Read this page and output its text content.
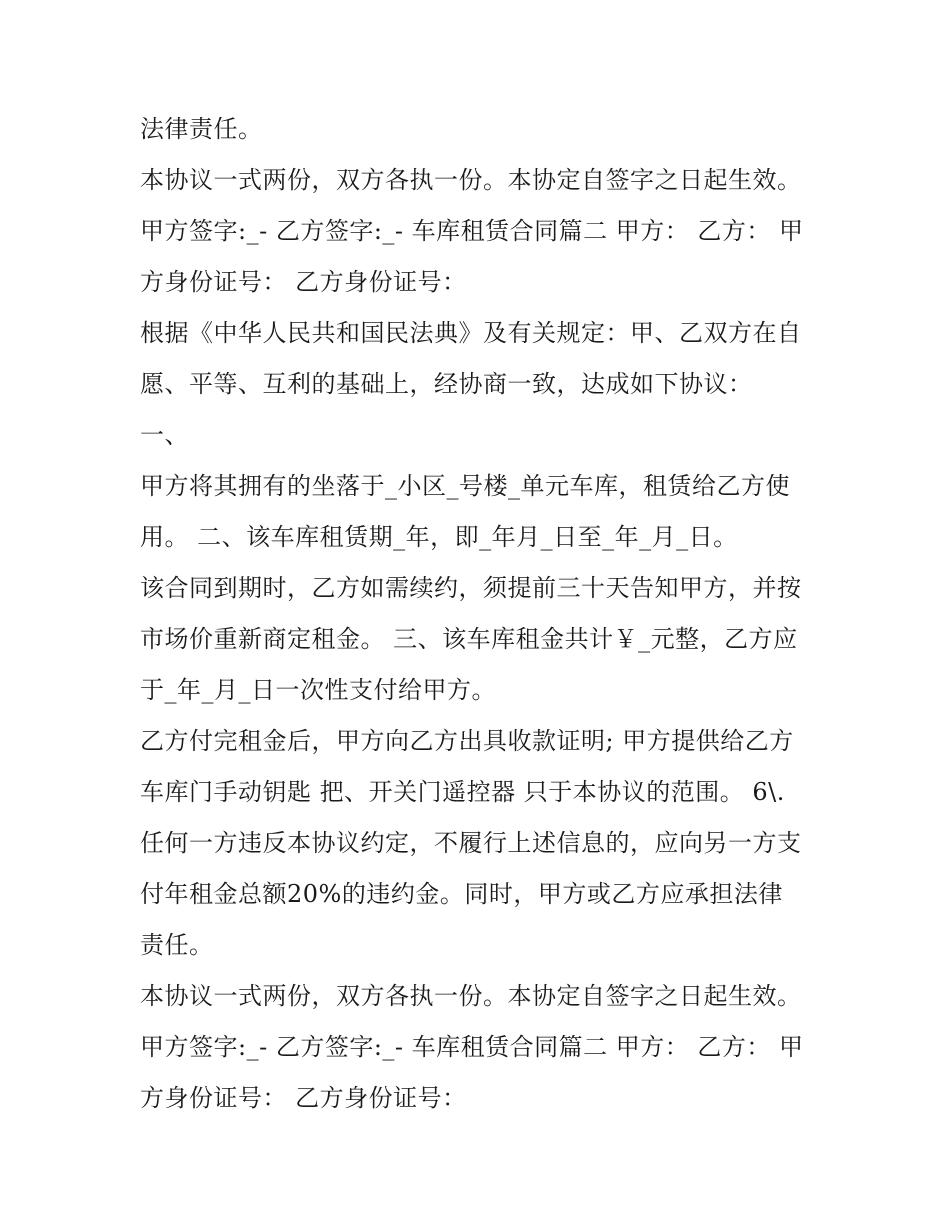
法律责任。
本协议一式两份，双方各执一份。本协定自签字之日起生效。
甲方签字:_- 乙方签字:_- 车库租赁合同篇二 甲方： 乙方： 甲
方身份证号： 乙方身份证号：
根据《中华人民共和国民法典》及有关规定：甲、乙双方在自
愿、平等、互利的基础上，经协商一致，达成如下协议：
一、
甲方将其拥有的坐落于_小区_号楼_单元车库，租赁给乙方使
用。 二、该车库租赁期_年，即_年月_日至_年_月_日。
该合同到期时，乙方如需续约，须提前三十天告知甲方，并按
市场价重新商定租金。 三、该车库租金共计￥_元整，乙方应
于_年_月_日一次性支付给甲方。
乙方付完租金后，甲方向乙方出具收款证明; 甲方提供给乙方
车库门手动钥匙 把、开关门遥控器 只于本协议的范围。 6\.
任何一方违反本协议约定，不履行上述信息的，应向另一方支
付年租金总额20%的违约金。同时，甲方或乙方应承担法律
责任。
本协议一式两份，双方各执一份。本协定自签字之日起生效。
甲方签字:_- 乙方签字:_- 车库租赁合同篇二 甲方： 乙方： 甲
方身份证号： 乙方身份证号：
